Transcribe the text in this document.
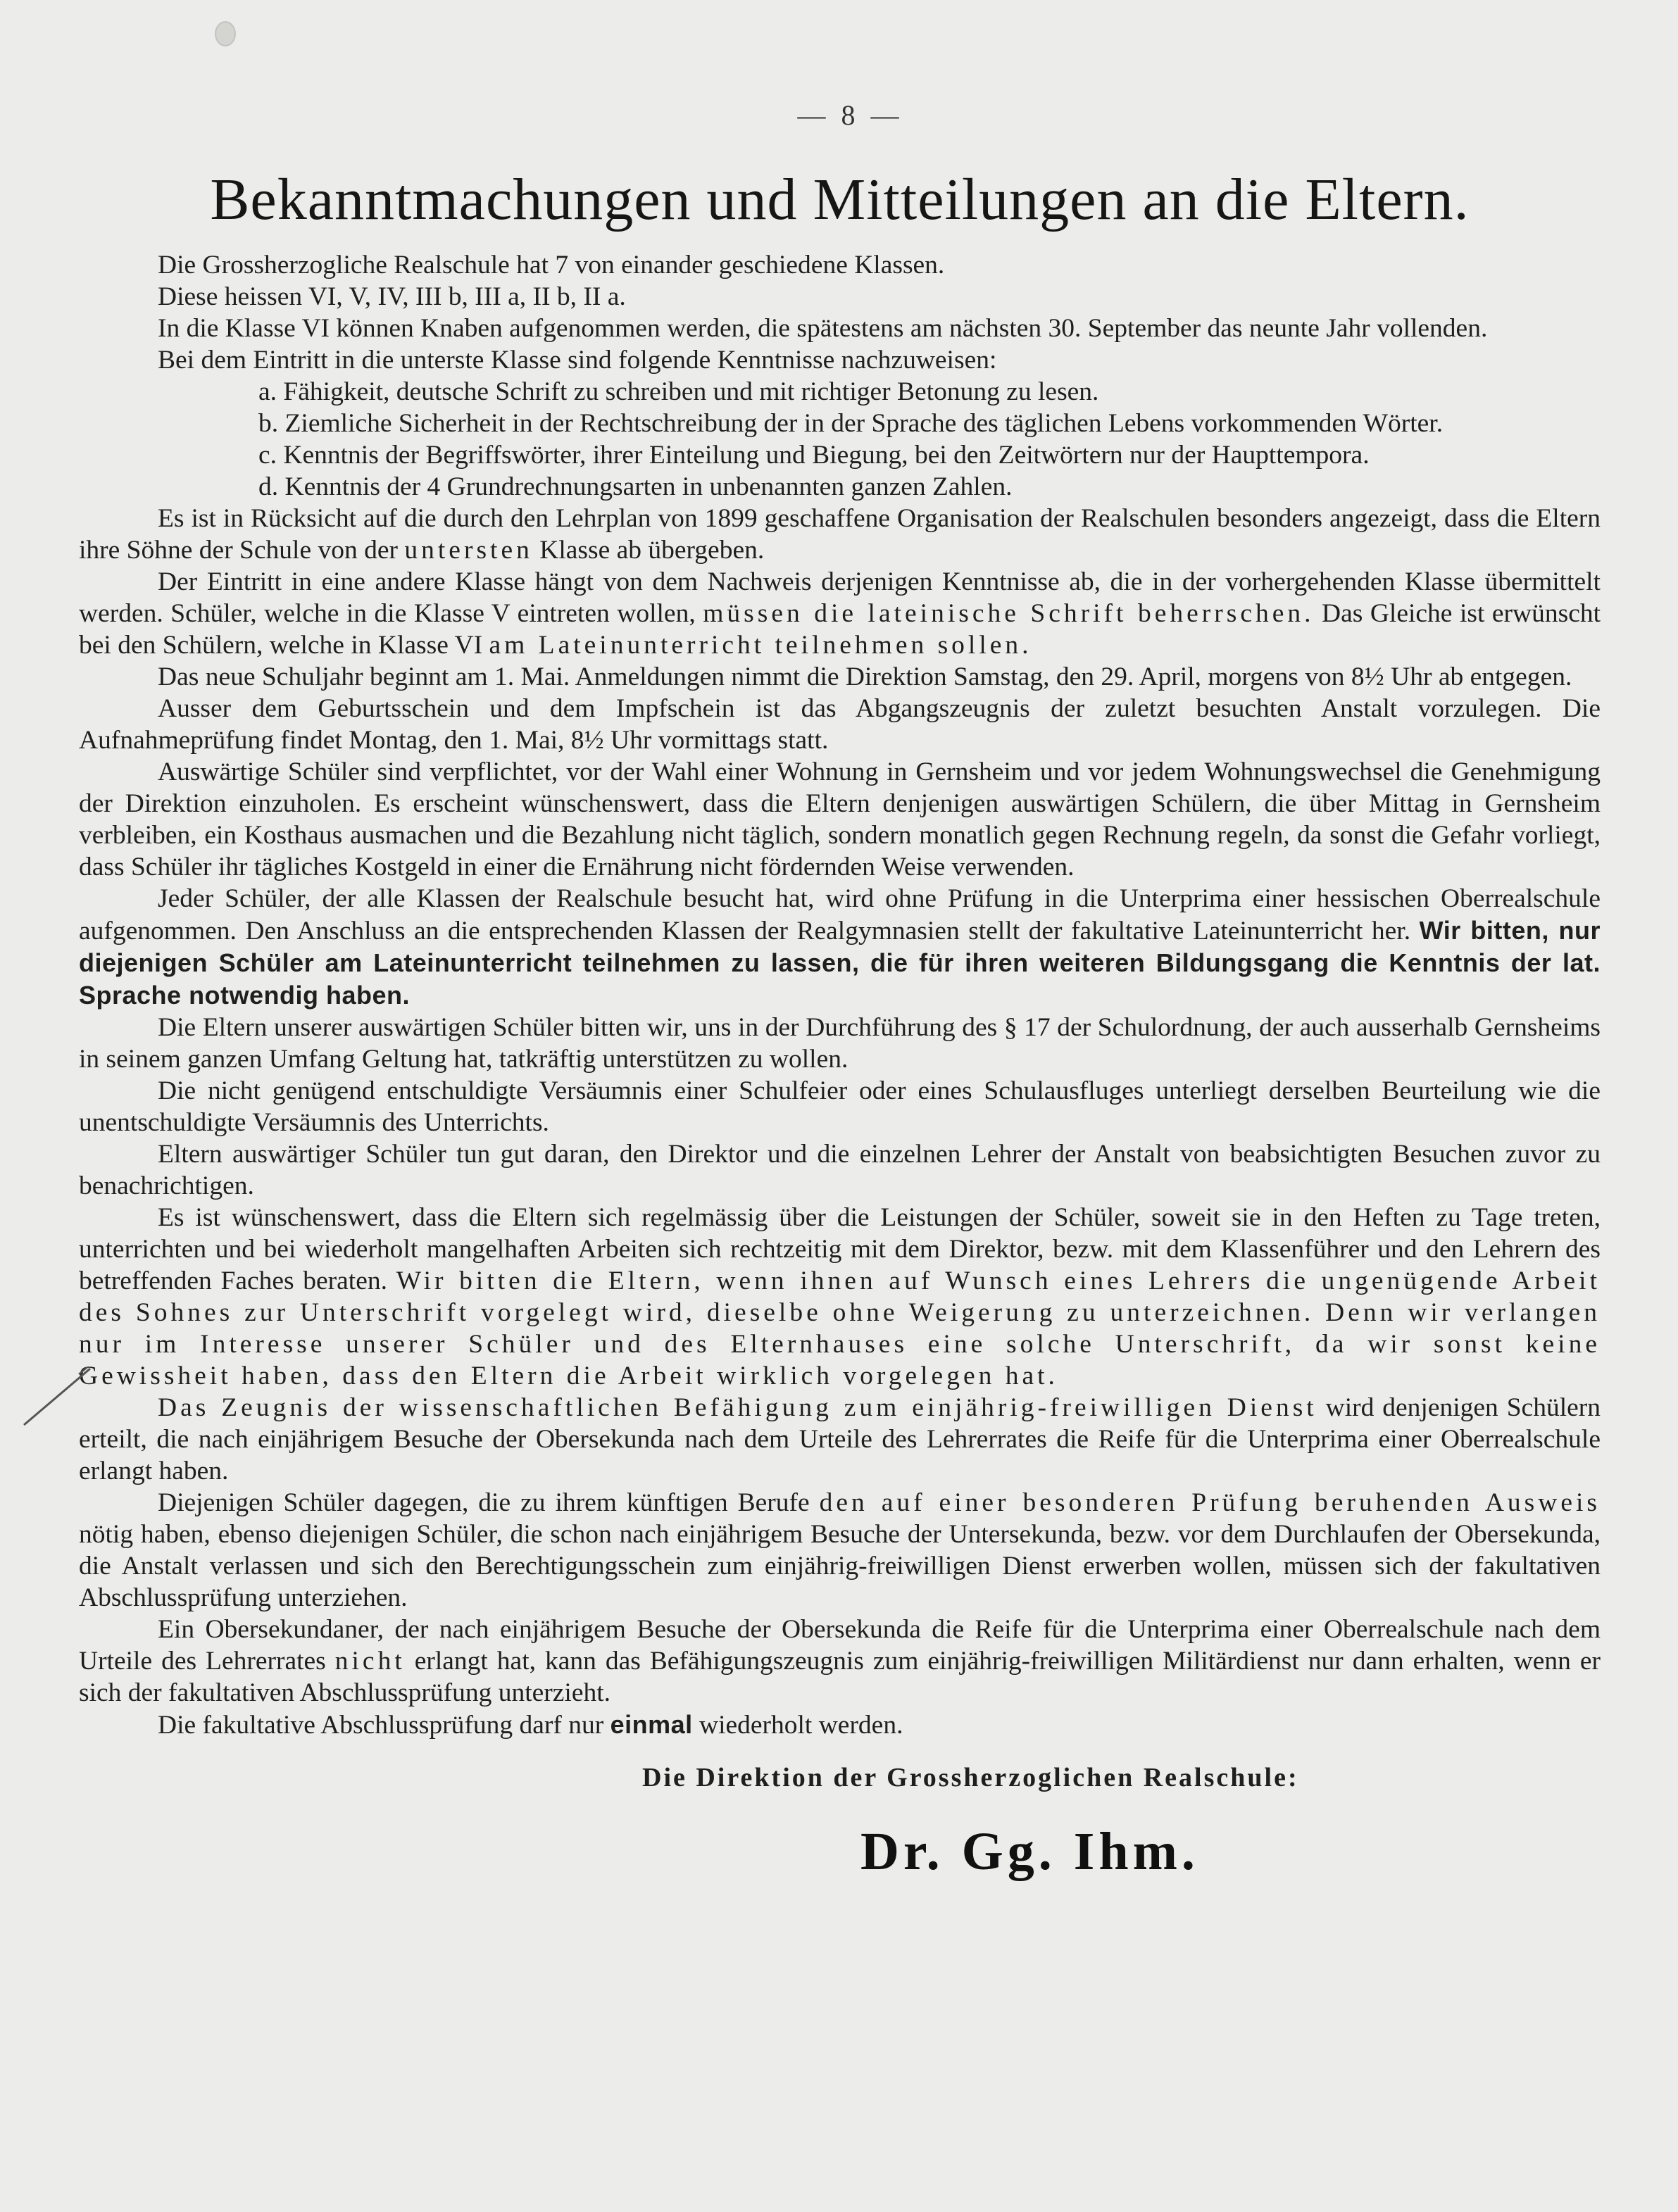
— 8 —
Bekanntmachungen und Mitteilungen an die Eltern.

Die Grossherzogliche Realschule hat 7 von einander geschiedene Klassen.

Diese heissen VI, V, IV, III b, III a, II b, II a.

In die Klasse VI können Knaben aufgenommen werden, die spätestens am nächsten 30. September das neunte Jahr vollenden.

Bei dem Eintritt in die unterste Klasse sind folgende Kenntnisse nachzuweisen:

a. Fähigkeit, deutsche Schrift zu schreiben und mit richtiger Betonung zu lesen.

b. Ziemliche Sicherheit in der Rechtschreibung der in der Sprache des täglichen Lebens vorkommenden Wörter.

c. Kenntnis der Begriffswörter, ihrer Einteilung und Biegung, bei den Zeitwörtern nur der Haupttempora.

d. Kenntnis der 4 Grundrechnungsarten in unbenannten ganzen Zahlen.

Es ist in Rücksicht auf die durch den Lehrplan von 1899 geschaffene Organisation der Realschulen besonders angezeigt, dass die Eltern ihre Söhne der Schule von der untersten Klasse ab übergeben.

Der Eintritt in eine andere Klasse hängt von dem Nachweis derjenigen Kenntnisse ab, die in der vorhergehenden Klasse übermittelt werden. Schüler, welche in die Klasse V eintreten wollen, müssen die lateinische Schrift beherrschen. Das Gleiche ist erwünscht bei den Schülern, welche in Klasse VI am Lateinunterricht teilnehmen sollen.

Das neue Schuljahr beginnt am 1. Mai. Anmeldungen nimmt die Direktion Samstag, den 29. April, morgens von 8½ Uhr ab entgegen.

Ausser dem Geburtsschein und dem Impfschein ist das Abgangszeugnis der zuletzt besuchten Anstalt vorzulegen. Die Aufnahmeprüfung findet Montag, den 1. Mai, 8½ Uhr vormittags statt.

Auswärtige Schüler sind verpflichtet, vor der Wahl einer Wohnung in Gernsheim und vor jedem Wohnungswechsel die Genehmigung der Direktion einzuholen. Es erscheint wünschenswert, dass die Eltern denjenigen auswärtigen Schülern, die über Mittag in Gernsheim verbleiben, ein Kosthaus ausmachen und die Bezahlung nicht täglich, sondern monatlich gegen Rechnung regeln, da sonst die Gefahr vorliegt, dass Schüler ihr tägliches Kostgeld in einer die Ernährung nicht fördernden Weise verwenden.

Jeder Schüler, der alle Klassen der Realschule besucht hat, wird ohne Prüfung in die Unterprima einer hessischen Oberrealschule aufgenommen. Den Anschluss an die entsprechenden Klassen der Realgymnasien stellt der fakultative Lateinunterricht her. Wir bitten, nur diejenigen Schüler am Lateinunterricht teilnehmen zu lassen, die für ihren weiteren Bildungsgang die Kenntnis der lat. Sprache notwendig haben.

Die Eltern unserer auswärtigen Schüler bitten wir, uns in der Durchführung des § 17 der Schulordnung, der auch ausserhalb Gernsheims in seinem ganzen Umfang Geltung hat, tatkräftig unterstützen zu wollen.

Die nicht genügend entschuldigte Versäumnis einer Schulfeier oder eines Schulausfluges unterliegt derselben Beurteilung wie die unentschuldigte Versäumnis des Unterrichts.

Eltern auswärtiger Schüler tun gut daran, den Direktor und die einzelnen Lehrer der Anstalt von beabsichtigten Besuchen zuvor zu benachrichtigen.

Es ist wünschenswert, dass die Eltern sich regelmässig über die Leistungen der Schüler, soweit sie in den Heften zu Tage treten, unterrichten und bei wiederholt mangelhaften Arbeiten sich rechtzeitig mit dem Direktor, bezw. mit dem Klassenführer und den Lehrern des betreffenden Faches beraten. Wir bitten die Eltern, wenn ihnen auf Wunsch eines Lehrers die ungenügende Arbeit des Sohnes zur Unterschrift vorgelegt wird, dieselbe ohne Weigerung zu unterzeichnen. Denn wir verlangen nur im Interesse unserer Schüler und des Elternhauses eine solche Unterschrift, da wir sonst keine Gewissheit haben, dass den Eltern die Arbeit wirklich vorgelegen hat.

Das Zeugnis der wissenschaftlichen Befähigung zum einjährig-freiwilligen Dienst wird denjenigen Schülern erteilt, die nach einjährigem Besuche der Obersekunda nach dem Urteile des Lehrerrates die Reife für die Unterprima einer Oberrealschule erlangt haben.

Diejenigen Schüler dagegen, die zu ihrem künftigen Berufe den auf einer besonderen Prüfung beruhenden Ausweis nötig haben, ebenso diejenigen Schüler, die schon nach einjährigem Besuche der Untersekunda, bezw. vor dem Durchlaufen der Obersekunda, die Anstalt verlassen und sich den Berechtigungsschein zum einjährig-freiwilligen Dienst erwerben wollen, müssen sich der fakultativen Abschlussprüfung unterziehen.

Ein Obersekundaner, der nach einjährigem Besuche der Obersekunda die Reife für die Unterprima einer Oberrealschule nach dem Urteile des Lehrerrates nicht erlangt hat, kann das Befähigungszeugnis zum einjährig-freiwilligen Militärdienst nur dann erhalten, wenn er sich der fakultativen Abschlussprüfung unterzieht.

Die fakultative Abschlussprüfung darf nur einmal wiederholt werden.

Die Direktion der Grossherzoglichen Realschule:
Dr. Gg. Ihm.
